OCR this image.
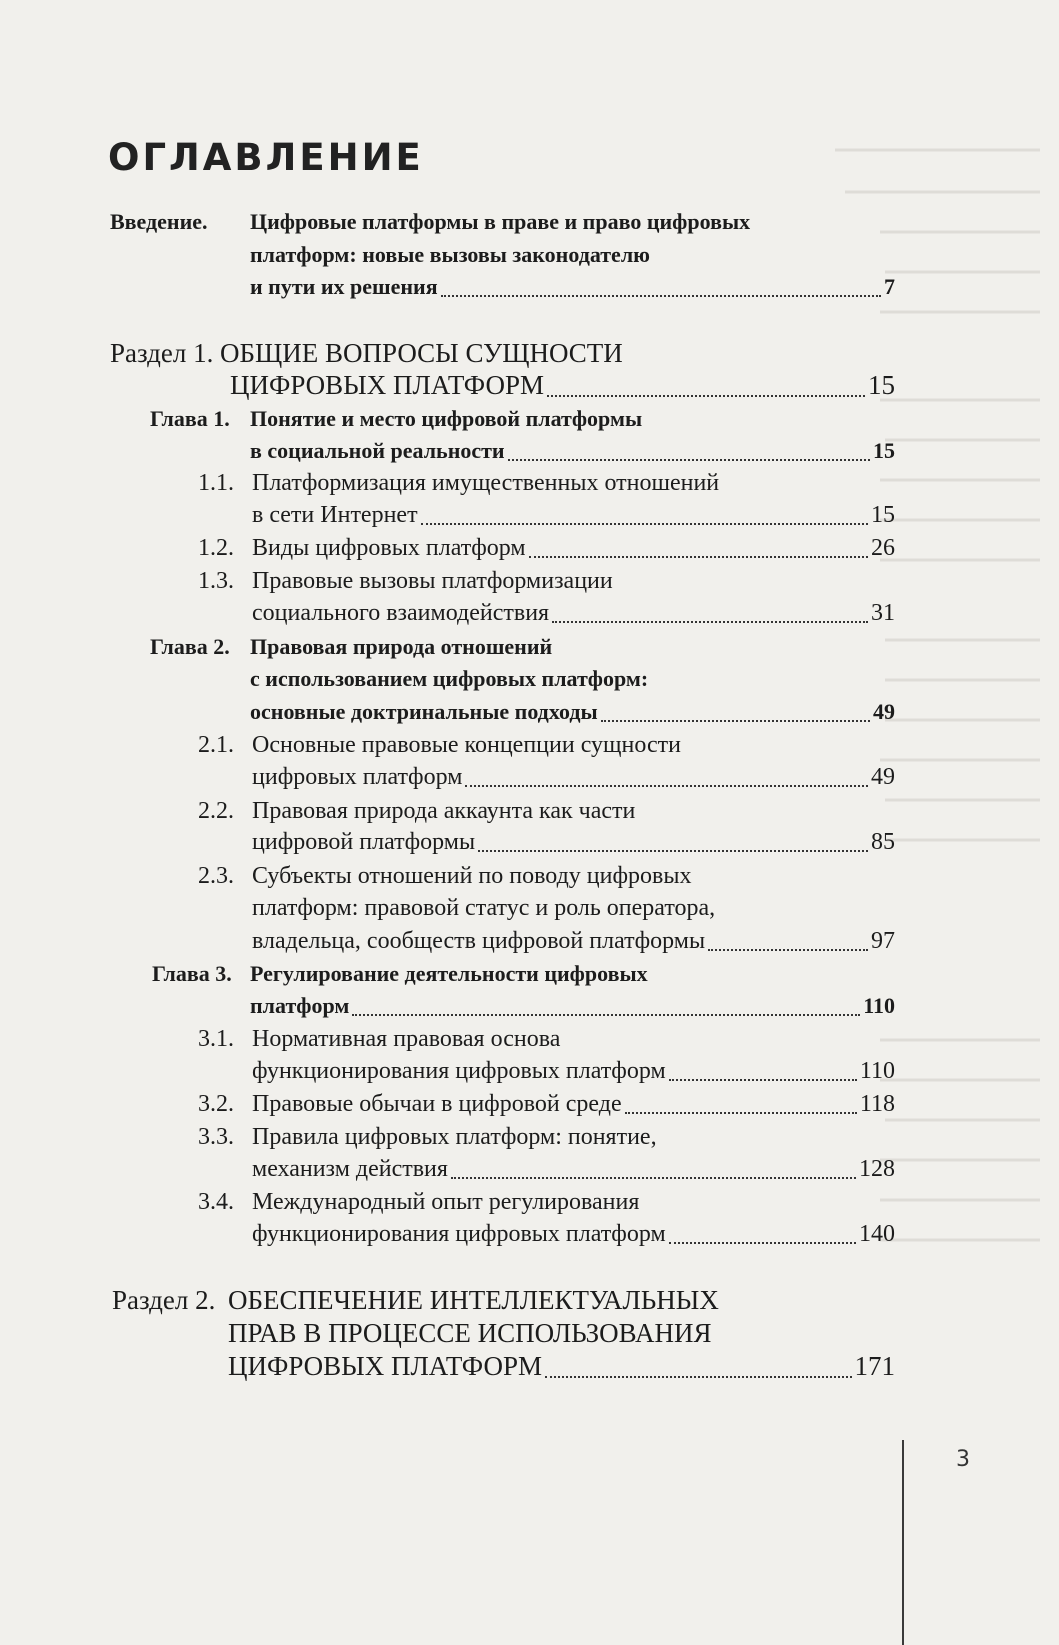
ОГЛАВЛЕНИЕ
Введение. Цифровые платформы в праве и право цифровых
платформ: новые вызовы законодателю
и пути их решения	7
Раздел 1. ОБЩИЕ ВОПРОСЫ СУЩНОСТИ
ЦИФРОВЫХ ПЛАТФОРМ	15
Глава 1. Понятие и место цифровой платформы
в социальной реальности	15
1.1. Платформизация имущественных отношений
в сети Интернет	15
1.2. Виды цифровых платформ	26
1.3. Правовые вызовы платформизации
социального взаимодействия	31
Глава 2. Правовая природа отношений
с использованием цифровых платформ:
основные доктринальные подходы	49
2.1. Основные правовые концепции сущности
цифровых платформ	49
2.2. Правовая природа аккаунта как части
цифровой платформы	85
2.3. Субъекты отношений по поводу цифровых
платформ: правовой статус и роль оператора,
владельца, сообществ цифровой платформы	97
Глава 3. Регулирование деятельности цифровых
платформ	110
3.1. Нормативная правовая основа
функционирования цифровых платформ	110
3.2. Правовые обычаи в цифровой среде	118
3.3. Правила цифровых платформ: понятие,
механизм действия	128
3.4. Международный опыт регулирования
функционирования цифровых платформ	140
Раздел 2. ОБЕСПЕЧЕНИЕ ИНТЕЛЛЕКТУАЛЬНЫХ
ПРАВ В ПРОЦЕССЕ ИСПОЛЬЗОВАНИЯ
ЦИФРОВЫХ ПЛАТФОРМ	171
3
